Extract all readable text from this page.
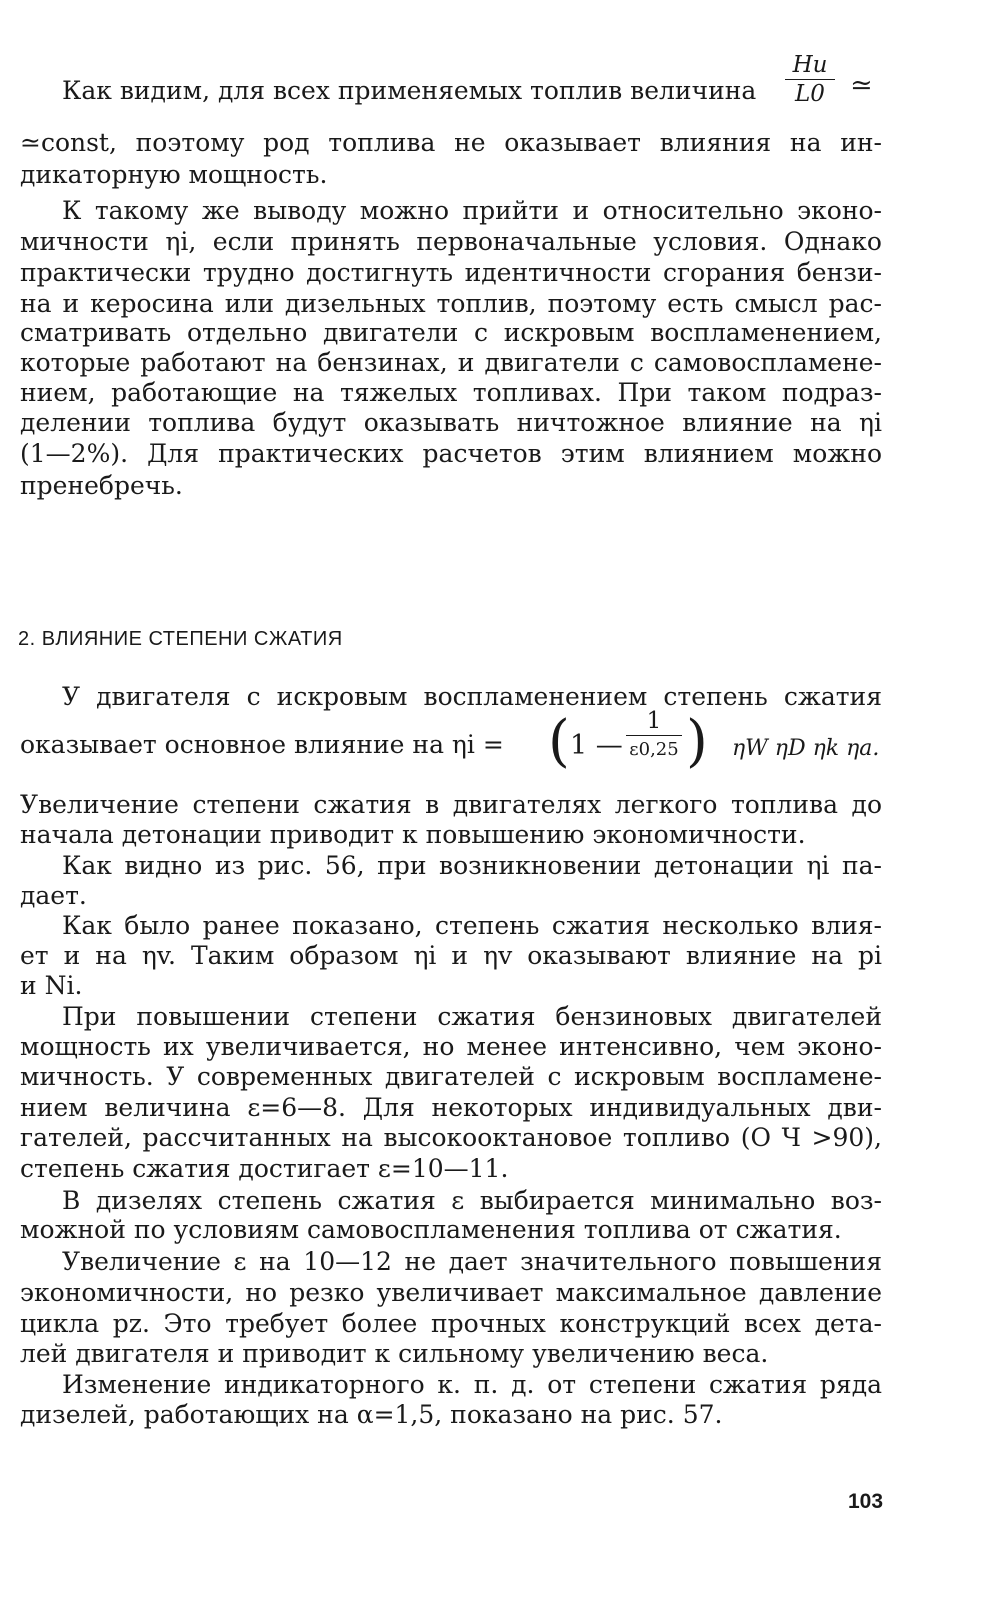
Как видим, для всех применяемых топлив величина
Hu
L0 ≃
≃const, поэтому род топлива не оказывает влияния на ин-
дикаторную мощность.
К такому же выводу можно прийти и относительно эконо-
мичности ηi, если принять первоначальные условия. Однако
практически трудно достигнуть идентичности сгорания бензи-
на и керосина или дизельных топлив, поэтому есть смысл рас-
сматривать отдельно двигатели с искровым воспламенением,
которые работают на бензинах, и двигатели с самовоспламене-
нием, работающие на тяжелых топливах. При таком подраз-
делении топлива будут оказывать ничтожное влияние на ηi
(1—2%). Для практических расчетов этим влиянием можно
пренебречь.
2. ВЛИЯНИЕ СТЕПЕНИ СЖАТИЯ
У двигателя с искровым воспламенением степень сжатия
оказывает основное влияние на ηi = ( 1 —
1
ε0,25 ) ηW ηD ηk ηa.
Увеличение степени сжатия в двигателях легкого топлива до
начала детонации приводит к повышению экономичности.
Как видно из рис. 56, при возникновении детонации ηi па-
дает.
Как было ранее показано, степень сжатия несколько влия-
ет и на ηv. Таким образом ηi и ηv оказывают влияние на pi
и Ni.
При повышении степени сжатия бензиновых двигателей
мощность их увеличивается, но менее интенсивно, чем эконо-
мичность. У современных двигателей с искровым воспламене-
нием величина ε=6—8. Для некоторых индивидуальных дви-
гателей, рассчитанных на высокооктановое топливо (О Ч >90),
степень сжатия достигает ε=10—11.
В дизелях степень сжатия ε выбирается минимально воз-
можной по условиям самовоспламенения топлива от сжатия.
Увеличение ε на 10—12 не дает значительного повышения
экономичности, но резко увеличивает максимальное давление
цикла pz. Это требует более прочных конструкций всех дета-
лей двигателя и приводит к сильному увеличению веса.
Изменение индикаторного к. п. д. от степени сжатия ряда
дизелей, работающих на α=1,5, показано на рис. 57.
103
